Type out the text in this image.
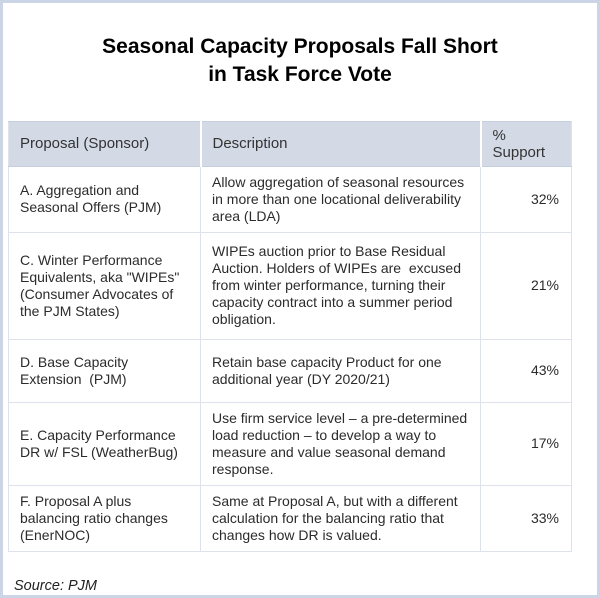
Seasonal Capacity Proposals Fall Short
in Task Force Vote
Proposal (Sponsor)	Description	%  Support
A. Aggregation and Seasonal Offers (PJM)	Allow aggregation of seasonal resources in more than one locational deliverability area (LDA)	32%
C. Winter Performance Equivalents, aka "WIPEs" (Consumer Advocates of the PJM States)	WIPEs auction prior to Base Residual Auction. Holders of WIPEs are  excused from winter performance, turning their capacity contract into a summer period obligation.	21%
D. Base Capacity Extension  (PJM)	Retain base capacity Product for one additional year (DY 2020/21)	43%
E. Capacity Performance DR w/ FSL (WeatherBug)	Use firm service level – a pre-determined load reduction – to develop a way to measure and value seasonal demand response.	17%
F. Proposal A plus balancing ratio changes (EnerNOC)	Same at Proposal A, but with a different calculation for the balancing ratio that changes how DR is valued.	33%

Source: PJM
